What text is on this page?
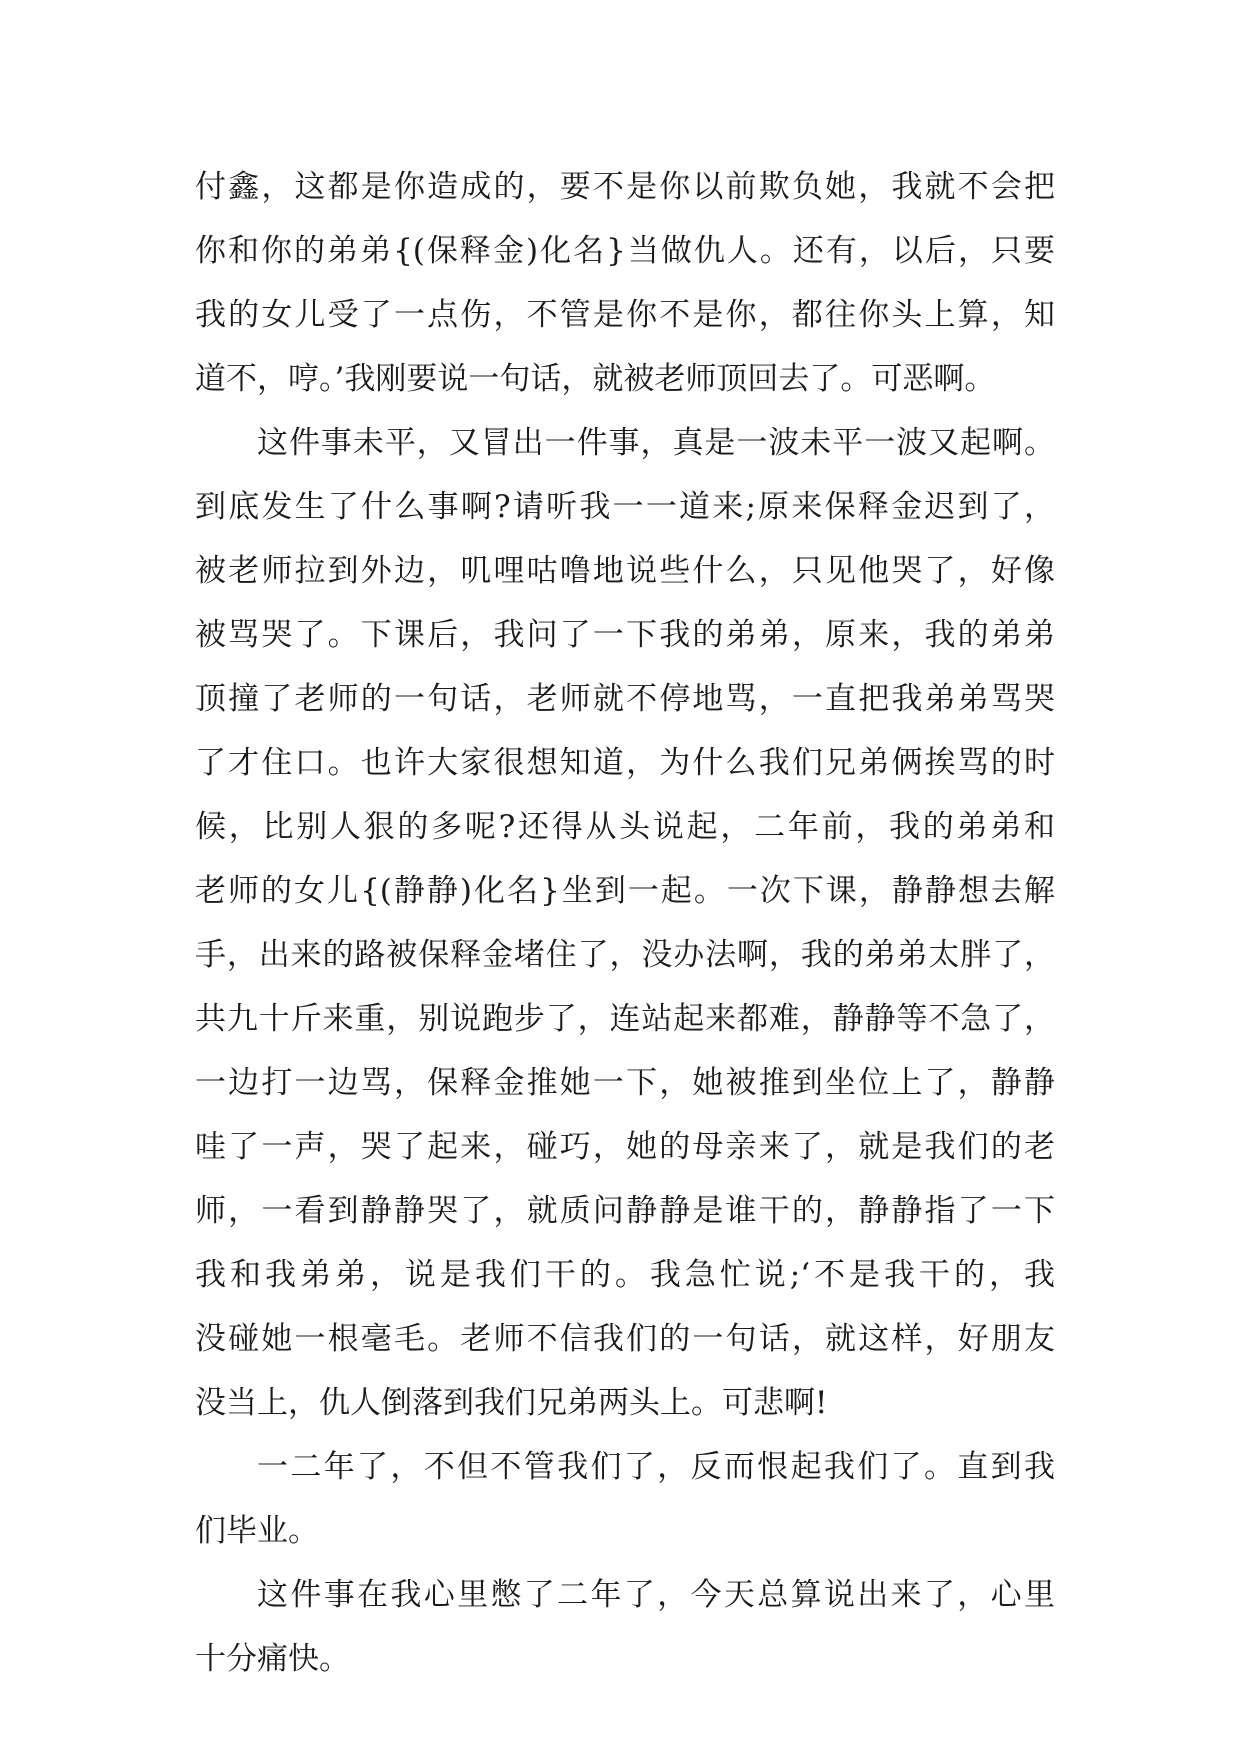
付鑫，这都是你造成的，要不是你以前欺负她，我就不会把
你和你的弟弟{(保释金)化名}当做仇人。还有，以后，只要
我的女儿受了一点伤，不管是你不是你，都往你头上算，知
道不，哼。’我刚要说一句话，就被老师顶回去了。可恶啊。
这件事未平，又冒出一件事，真是一波未平一波又起啊。
到底发生了什么事啊?请听我一一道来;原来保释金迟到了，
被老师拉到外边，叽哩咕噜地说些什么，只见他哭了，好像
被骂哭了。下课后，我问了一下我的弟弟，原来，我的弟弟
顶撞了老师的一句话，老师就不停地骂，一直把我弟弟骂哭
了才住口。也许大家很想知道，为什么我们兄弟俩挨骂的时
候，比别人狠的多呢?还得从头说起，二年前，我的弟弟和
老师的女儿{(静静)化名}坐到一起。一次下课，静静想去解
手，出来的路被保释金堵住了，没办法啊，我的弟弟太胖了，
共九十斤来重，别说跑步了，连站起来都难，静静等不急了，
一边打一边骂，保释金推她一下，她被推到坐位上了，静静
哇了一声，哭了起来，碰巧，她的母亲来了，就是我们的老
师，一看到静静哭了，就质问静静是谁干的，静静指了一下
我和我弟弟，说是我们干的。我急忙说;‘不是我干的，我
没碰她一根毫毛。老师不信我们的一句话，就这样，好朋友
没当上，仇人倒落到我们兄弟两头上。可悲啊!
一二年了，不但不管我们了，反而恨起我们了。直到我
们毕业。
这件事在我心里憋了二年了，今天总算说出来了，心里
十分痛快。
